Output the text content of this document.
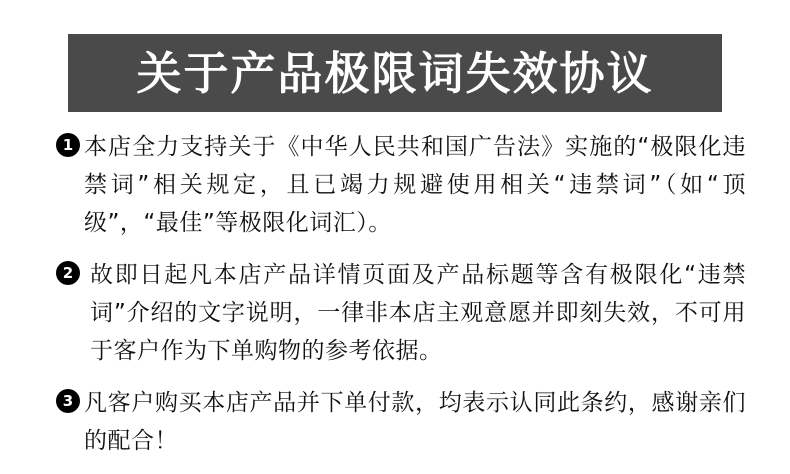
关于产品极限词失效协议
1 本店全力支持关于《中华人民共和国广告法》实施的“极限化违禁词”相关规定，且已竭力规避使用相关“违禁词”（如“顶级”，“最佳”等极限化词汇）。
2 故即日起凡本店产品详情页面及产品标题等含有极限化“违禁词”介绍的文字说明，一律非本店主观意愿并即刻失效，不可用于客户作为下单购物的参考依据。
3 凡客户购买本店产品并下单付款，均表示认同此条约，感谢亲们的配合！
